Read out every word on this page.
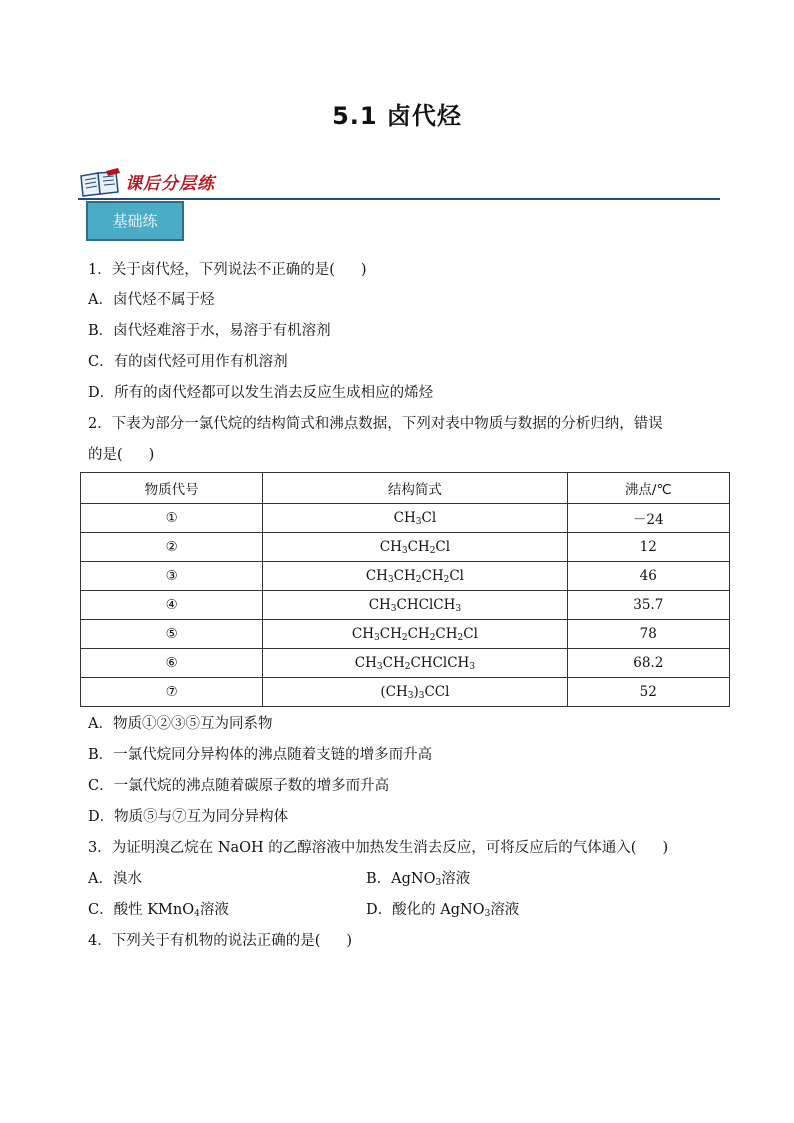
5.1 卤代烃
课后分层练
基础练
1．关于卤代烃，下列说法不正确的是( )
A．卤代烃不属于烃
B．卤代烃难溶于水，易溶于有机溶剂
C．有的卤代烃可用作有机溶剂
D．所有的卤代烃都可以发生消去反应生成相应的烯烃
2．下表为部分一氯代烷的结构简式和沸点数据，下列对表中物质与数据的分析归纳，错误
的是( )
物质代号	结构简式	沸点/℃
①	$CH_3Cl$	－24
②	$CH_3CH_2Cl$	12
③	$CH_3CH_2CH_2Cl$	46
④	$CH_3CHClCH_3$	35.7
⑤	$CH_3CH_2CH_2CH_2Cl$	78
⑥	$CH_3CH_2CHClCH_3$	68.2
⑦	$(CH_3)_3CCl$	52
A．物质①②③⑤互为同系物
B．一氯代烷同分异构体的沸点随着支链的增多而升高
C．一氯代烷的沸点随着碳原子数的增多而升高
D．物质⑤与⑦互为同分异构体
3．为证明溴乙烷在 NaOH 的乙醇溶液中加热发生消去反应，可将反应后的气体通入( )
A．溴水	B．AgNO$_3$溶液
C．酸性 KMnO$_4$溶液	D．酸化的 AgNO$_3$溶液
4．下列关于有机物的说法正确的是( )
